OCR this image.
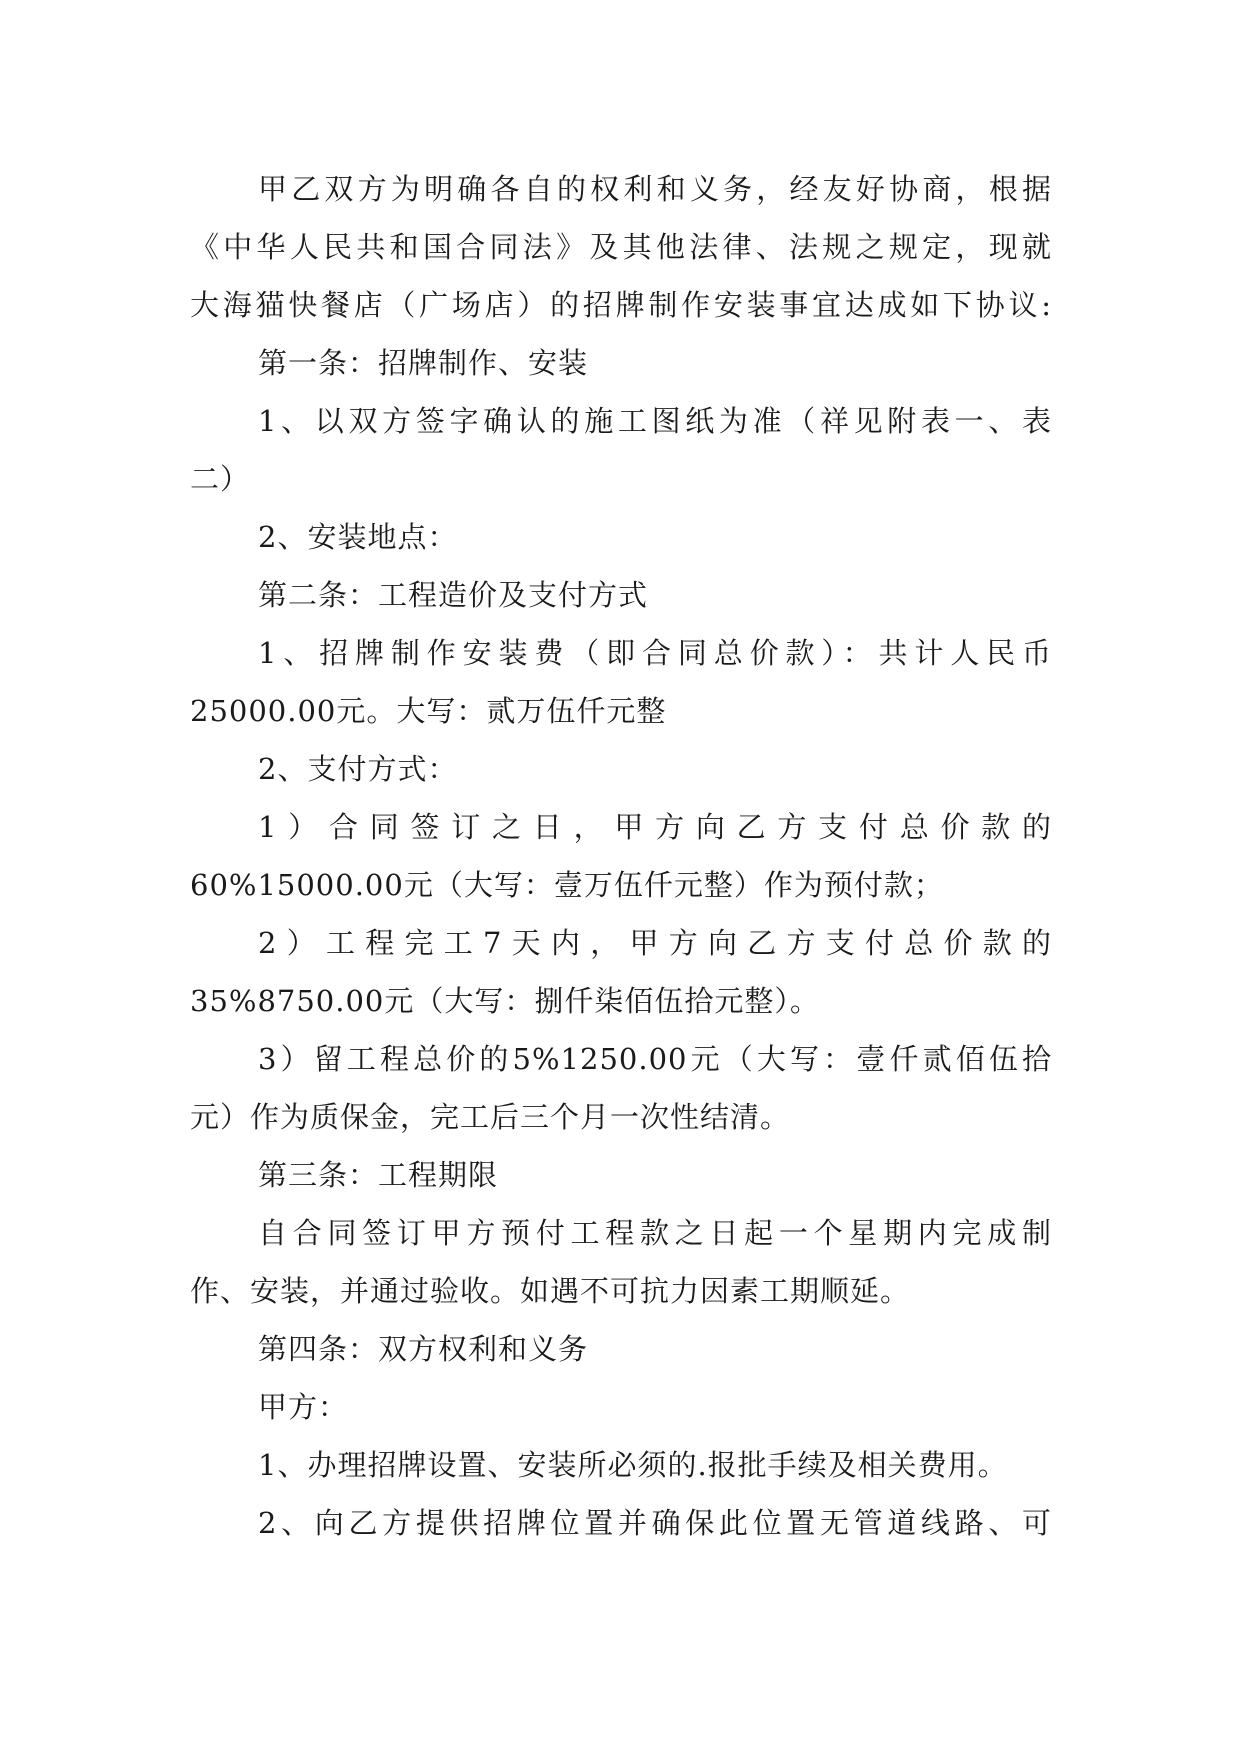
甲乙双方为明确各自的权利和义务，经友好协商，根据
《中华人民共和国合同法》及其他法律、法规之规定，现就
大海猫快餐店（广场店）的招牌制作安装事宜达成如下协议:
第一条：招牌制作、安装
1、以双方签字确认的施工图纸为准（祥见附表一、表
二）
2、安装地点：
第二条：工程造价及支付方式
1、招牌制作安装费（即合同总价款）：共计人民币
25000.00元。大写：贰万伍仟元整
2、支付方式：
1）合同签订之日，甲方向乙方支付总价款的
60%15000.00元（大写：壹万伍仟元整）作为预付款；
2）工程完工7天内，甲方向乙方支付总价款的
35%8750.00元（大写：捌仟柒佰伍拾元整）。
3）留工程总价的5%1250.00元（大写：壹仟贰佰伍拾
元）作为质保金，完工后三个月一次性结清。
第三条：工程期限
自合同签订甲方预付工程款之日起一个星期内完成制
作、安装，并通过验收。如遇不可抗力因素工期顺延。
第四条：双方权利和义务
甲方：
1、办理招牌设置、安装所必须的.报批手续及相关费用。
2、向乙方提供招牌位置并确保此位置无管道线路、可
